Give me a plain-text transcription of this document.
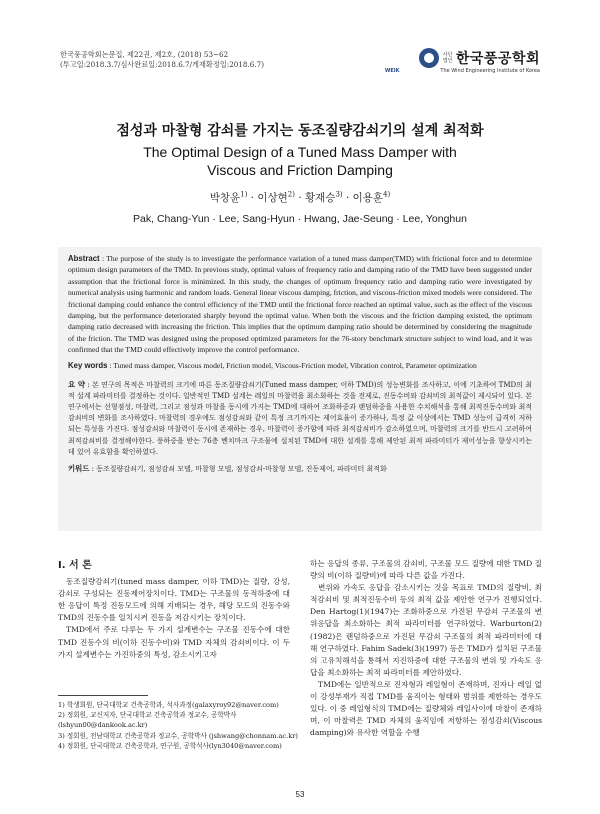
한국풍공학회논문집, 제22권, 제2호, (2018) 53~62
(투고일:2018.3.7/심사완료일:2018.6.7/게재확정일:2018.6.7)
사단 법인 한국풍공학회
WEIK	The Wind Engineering Institute of Korea
점성과 마찰형 감쇠를 가지는 동조질량감쇠기의 설계 최적화
The Optimal Design of a Tuned Mass Damper with
Viscous and Friction Damping
박창윤$^{1)}$ · 이상현$^{2)}$ · 황재승$^{3)}$ · 이용훈$^{4)}$
Pak, Chang-Yun · Lee, Sang-Hyun · Hwang, Jae-Seung · Lee, Yonghun
Abstract : The purpose of the study is to investigate the performance variation of a tuned mass damper(TMD) with frictional force and to determine optimum design parameters of the TMD. In previous study, optimal values of frequency ratio and damping ratio of the TMD have been suggested under assumption that the frictional force is minimized. In this study, the changes of optimum frequency ratio and damping ratio were investigated by numerical analysis using harmonic and random loads. General linear viscous damping, friction, and viscous-friction mixed models were considered. The frictional damping could enhance the control efficiency of the TMD until the frictional force reached an optimal value, such as the effect of the viscous damping, but the performance deteriorated sharply beyond the optimal value. When both the viscous and the friction damping existed, the optimum damping ratio decreased with increasing the friction. This implies that the optimum damping ratio should be determined by considering the magnitude of the friction. The TMD was designed using the proposed optimized parameters for the 76-story benchmark structure subject to wind load, and it was confirmed that the TMD could effectively improve the control performance.
Key words : Tuned mass damper, Viscous model, Friction model, Viscous-Friction model, Vibration control, Parameter optimization
요 약 : 본 연구의 목적은 마찰력의 크기에 따른 동조질량감쇠기(Tuned mass damper, 이하 TMD)의 성능변화를 조사하고, 이에 기초하여 TMD의 최적 설계 파라미터를 결정하는 것이다. 일반적인 TMD 설계는 레일의 마찰력을 최소화하는 것을 전제로, 진동수비와 감쇠비의 최적값이 제시되어 있다. 본 연구에서는 선형점성, 마찰력, 그리고 점성과 마찰을 동시에 가지는 TMD에 대하여 조화하중과 랜덤하중을 사용한 수치해석을 통해 최적진동수비와 최적감쇠비의 변화를 조사하였다. 마찰력의 경우에도 점성감쇠와 같이 특정 크기까지는 제어효율이 증가하나, 특정 값 이상에서는 TMD 성능이 급격히 저하되는 특성을 가진다. 점성감쇠와 마찰력이 동시에 존재하는 경우, 마찰력이 증가함에 따라 최적감쇠비가 감소하였으며, 마찰력의 크기를 반드시 고려하여 최적감쇠비를 결정해야한다. 풍하중을 받는 76층 벤치마크 구조물에 설치된 TMD에 대한 설계를 통해 제안된 최적 파라미터가 제어성능을 향상시키는 데 있어 유효함을 확인하였다.
키워드 : 동조질량감쇠기, 점성감쇠 모델, 마찰형 모델, 점성감쇠-마찰형 모델, 진동제어, 파라미터 최적화
I. 서 론

동조질량감쇠기(tuned mass damper, 이하 TMD)는 질량, 강성, 감쇠로 구성되는 진동제어장치이다. TMD는 구조물의 동적하중에 대한 응답이 특정 진동모드에 의해 지배되는 경우, 해당 모드의 진동수와 TMD의 진동수를 일치시켜 진동을 저감시키는 장치이다.

TMD에서 주로 다루는 두 가지 설계변수는 구조물 진동수에 대한 TMD 진동수의 비(이하 진동수비)와 TMD 자체의 감쇠비이다. 이 두 가지 설계변수는 가진하중의 특성, 감소시키고자

하는 응답의 종류, 구조물의 감쇠비, 구조물 모드 질량에 대한 TMD 질량의 비(이하 질량비)에 따라 다른 값을 가진다.

변위와 가속도 응답을 감소시키는 것을 목표로 TMD의 질량비, 최적감쇠비 및 최적진동수비 등의 최적 값을 제안한 연구가 진행되었다. Den Hartog(1)(1947)는 조화하중으로 가진된 무감쇠 구조물의 변위응답을 최소화하는 최적 파라미터를 연구하였다. Warburton(2)(1982)은 랜덤하중으로 가진된 무감쇠 구조물의 최적 파라미터에 대해 연구하였다. Fahim Sadek(3)(1997) 등은 TMD가 설치된 구조물의 고유치해석을 통해서 지진하중에 대한 구조물의 변위 및 가속도 응답을 최소화하는 최적 파라미터를 제안하였다.

TMD에는 일반적으로 진자형과 레일형이 존재하며, 진자나 레일 없이 강성부재가 직접 TMD를 움직이는 형태와 범위를 제한하는 경우도 있다. 이 중 레일형식의 TMD에는 질량체와 레일사이에 마찰이 존재하며, 이 마찰력은 TMD 자체의 움직임에 저항하는 점성감쇠(Viscous damping)와 유사한 역할을 수행

1) 학생회원, 단국대학교 건축공학과, 석사과정(galaxyroy92@naver.com)
2) 정회원, 교신저자, 단국대학교 건축공학과 정교수, 공학박사 (lshyun00@dankook.ac.kr)
3) 정회원, 전남대학교 건축공학과 정교수, 공학박사 (jshwang@chonnam.ac.kr)
4) 정회원, 단국대학교 건축공학과, 연구원, 공학석사(lyn3040@naver.com)
53
